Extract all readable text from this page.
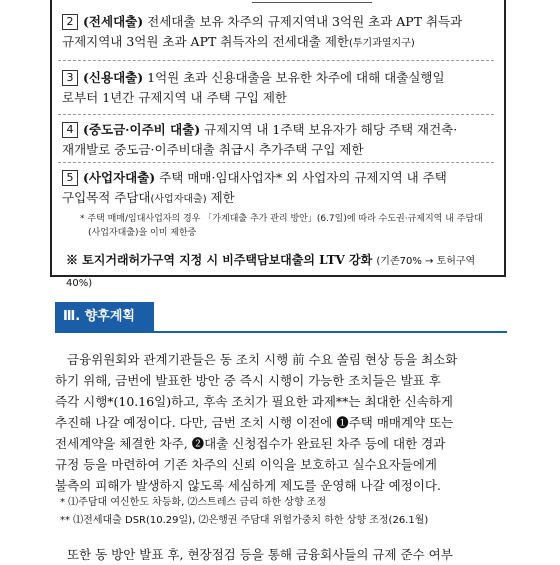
2 (전세대출) 전세대출 보유 차주의 규제지역내 3억원 초과 APT 취득과
규제지역내 3억원 초과 APT 취득자의 전세대출 제한(투기과열지구)
3 (신용대출) 1억원 초과 신용대출을 보유한 차주에 대해 대출실행일
로부터 1년간 규제지역 내 주택 구입 제한
4 (중도금·이주비 대출) 규제지역 내 1주택 보유자가 해당 주택 재건축·
재개발로 중도금·이주비대출 취급시 추가주택 구입 제한
5 (사업자대출) 주택 매매·임대사업자* 외 사업자의 규제지역 내 주택
구입목적 주담대(사업자대출) 제한
* 주택 매매/임대사업자의 경우 「가계대출 추가 관리 방안」(6.7일)에 따라 수도권·규제지역 내 주담대
(사업자대출)을 이미 제한중
※ 토지거래허가구역 지정 시 비주택담보대출의 LTV 강화 (기존70% → 토허구역40%)
Ⅲ. 향후계획
금융위원회와 관계기관들은 동 조치 시행 前 수요 쏠림 현상 등을 최소화
하기 위해, 금번에 발표한 방안 중 즉시 시행이 가능한 조치들은 발표 후
즉각 시행*(10.16일)하고, 후속 조치가 필요한 과제**는 최대한 신속하게
추진해 나갈 예정이다. 다만, 금번 조치 시행 이전에 ❶주택 매매계약 또는
전세계약을 체결한 차주, ❷대출 신청접수가 완료된 차주 등에 대한 경과
규정 등을 마련하여 기존 차주의 신뢰 이익을 보호하고 실수요자들에게
불측의 피해가 발생하지 않도록 세심하게 제도를 운영해 나갈 예정이다.
* ⑴주담대 여신한도 차등화, ⑵스트레스 금리 하한 상향 조정
** ⑴전세대출 DSR(10.29일), ⑵은행권 주담대 위험가중치 하한 상향 조정(26.1월)
또한 동 방안 발표 후, 현장점검 등을 통해 금융회사들의 규제 준수 여부
